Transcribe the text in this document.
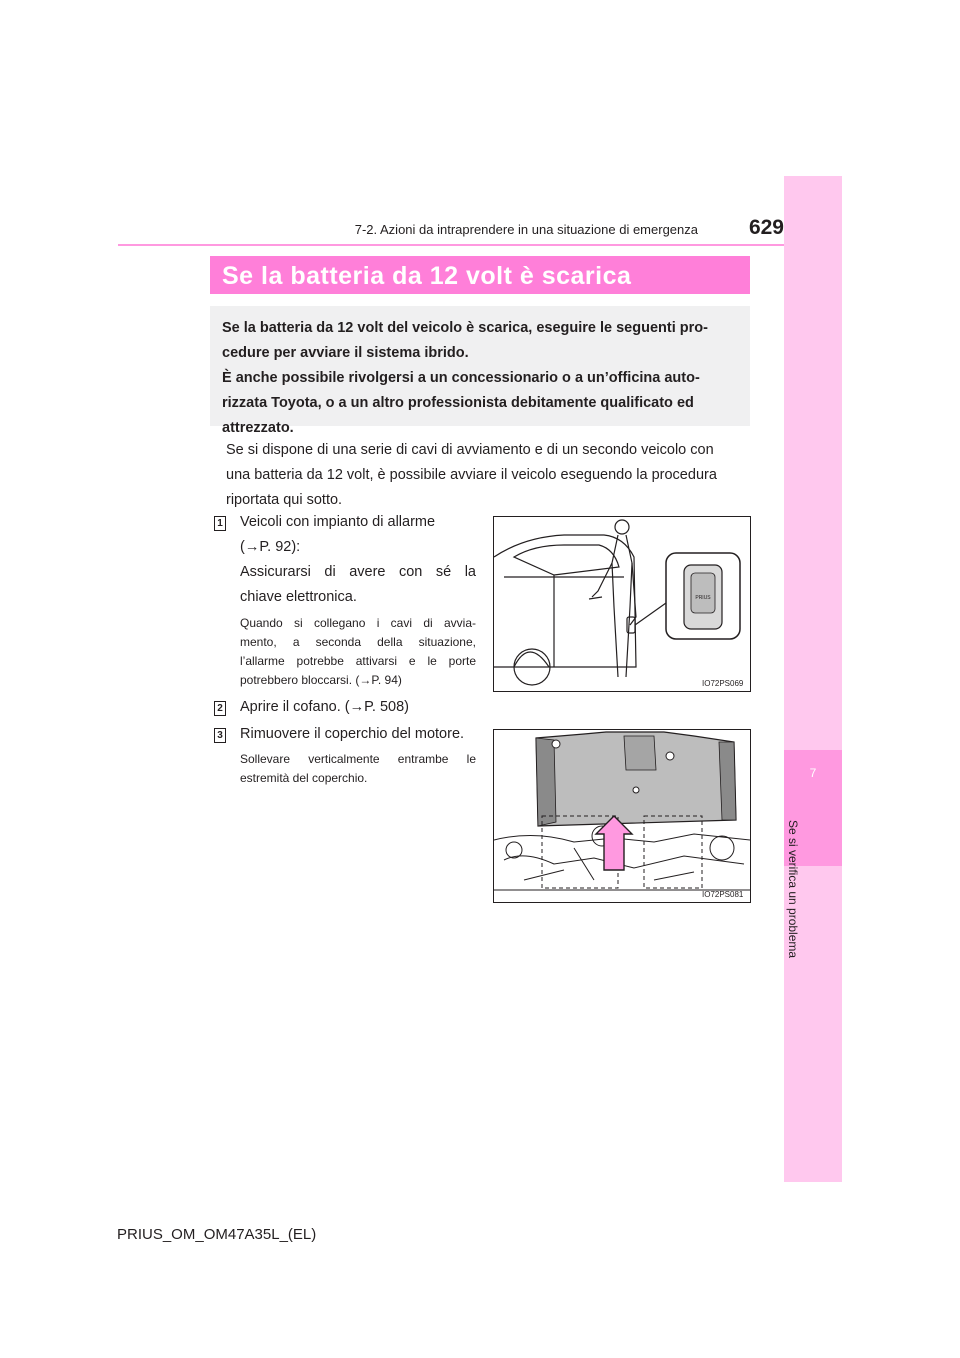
7
Se si verifica un problema
7-2. Azioni da intraprendere in una situazione di emergenza	629
Se la batteria da 12 volt è scarica
Se la batteria da 12 volt del veicolo è scarica, eseguire le seguenti pro-
cedure per avviare il sistema ibrido.
È anche possibile rivolgersi a un concessionario o a un’officina auto-
rizzata Toyota, o a un altro professionista debitamente qualificato ed
attrezzato.
Se si dispone di una serie di cavi di avviamento e di un secondo veicolo con
una batteria da 12 volt, è possibile avviare il veicolo eseguendo la procedura
riportata qui sotto.
1 Veicoli con impianto di allarme
(→P. 92):
Assicurarsi di avere con sé la
chiave elettronica.
Quando si collegano i cavi di avvia-
mento, a seconda della situazione,
l’allarme potrebbe attivarsi e le porte
potrebbero bloccarsi. (→P. 94)
PRIUS
IO72PS069
2 Aprire il cofano. (→P. 508)
3 Rimuovere il coperchio del motore.
Sollevare verticalmente entrambe le
estremità del coperchio.
IO72PS081
PRIUS_OM_OM47A35L_(EL)
